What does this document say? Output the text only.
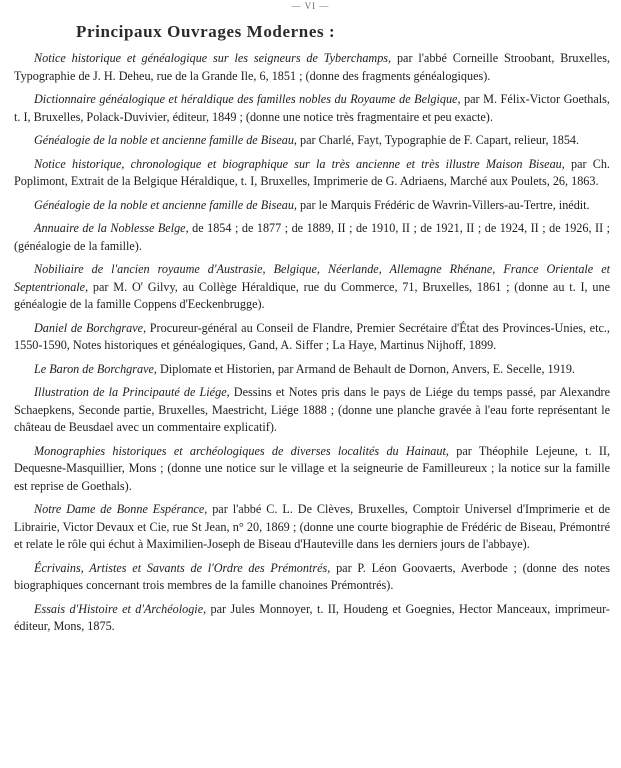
— VI —
Principaux Ouvrages Modernes :

Notice historique et généalogique sur les seigneurs de Tyberchamps, par l'abbé Corneille Stroobant, Bruxelles, Typographie de J. H. Deheu, rue de la Grande Ile, 6, 1851 ; (donne des fragments généalogiques).

Dictionnaire généalogique et héraldique des familles nobles du Royaume de Belgique, par M. Félix-Victor Goethals, t. I, Bruxelles, Polack-Duvivier, éditeur, 1849 ; (donne une notice très fragmentaire et peu exacte).

Généalogie de la noble et ancienne famille de Biseau, par Charlé, Fayt, Typographie de F. Capart, relieur, 1854.

Notice historique, chronologique et biographique sur la très ancienne et très illustre Maison Biseau, par Ch. Poplimont, Extrait de la Belgique Héraldique, t. I, Bruxelles, Imprimerie de G. Adriaens, Marché aux Poulets, 26, 1863.

Généalogie de la noble et ancienne famille de Biseau, par le Marquis Frédéric de Wavrin-Villers-au-Tertre, inédit.

Annuaire de la Noblesse Belge, de 1854 ; de 1877 ; de 1889, II ; de 1910, II ; de 1921, II ; de 1924, II ; de 1926, II ; (généalogie de la famille).

Nobiliaire de l'ancien royaume d'Austrasie, Belgique, Néerlande, Allemagne Rhénane, France Orientale et Septentrionale, par M. O' Gilvy, au Collège Héraldique, rue du Commerce, 71, Bruxelles, 1861 ; (donne au t. I, une généalogie de la famille Coppens d'Eeckenbrugge).

Daniel de Borchgrave, Procureur-général au Conseil de Flandre, Premier Secrétaire d'État des Provinces-Unies, etc., 1550-1590, Notes historiques et généalogiques, Gand, A. Siffer ; La Haye, Martinus Nijhoff, 1899.

Le Baron de Borchgrave, Diplomate et Historien, par Armand de Behault de Dornon, Anvers, E. Secelle, 1919.

Illustration de la Principauté de Liége, Dessins et Notes pris dans le pays de Liége du temps passé, par Alexandre Schaepkens, Seconde partie, Bruxelles, Maestricht, Liége 1888 ; (donne une planche gravée à l'eau forte représentant le château de Beusdael avec un commentaire explicatif).

Monographies historiques et archéologiques de diverses localités du Hainaut, par Théophile Lejeune, t. II, Dequesne-Masquillier, Mons ; (donne une notice sur le village et la seigneurie de Familleureux ; la notice sur la famille est reprise de Goethals).

Notre Dame de Bonne Espérance, par l'abbé C. L. De Clèves, Bruxelles, Comptoir Universel d'Imprimerie et de Librairie, Victor Devaux et Cie, rue St Jean, n° 20, 1869 ; (donne une courte biographie de Frédéric de Biseau, Prémontré et relate le rôle qui échut à Maximilien-Joseph de Biseau d'Hauteville dans les derniers jours de l'abbaye).

Écrivains, Artistes et Savants de l'Ordre des Prémontrés, par P. Léon Goovaerts, Averbode ; (donne des notes biographiques concernant trois membres de la famille chanoines Prémontrés).

Essais d'Histoire et d'Archéologie, par Jules Monnoyer, t. II, Houdeng et Goegnies, Hector Manceaux, imprimeur-éditeur, Mons, 1875.
